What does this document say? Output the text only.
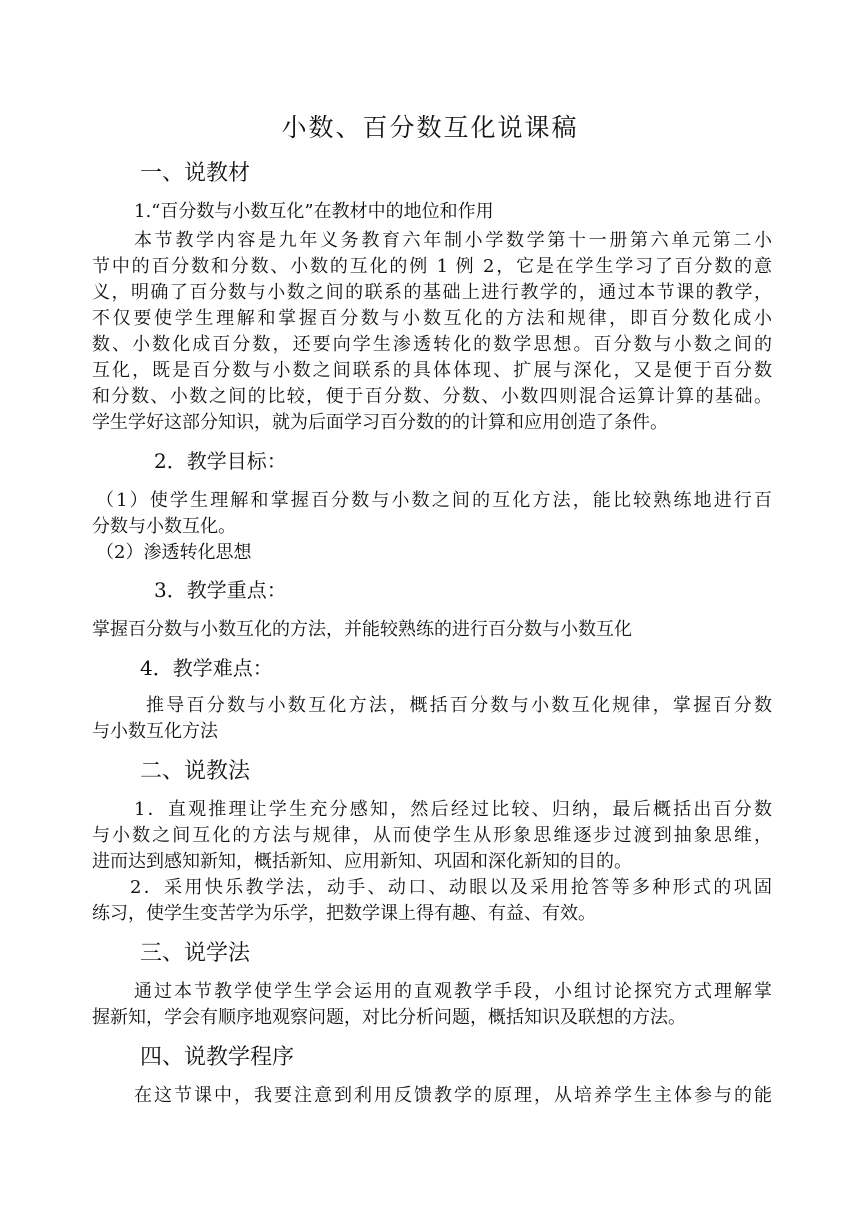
小数、百分数互化说课稿
一、说教材
1.“百分数与小数互化”在教材中的地位和作用
本节教学内容是九年义务教育六年制小学数学第十一册第六单元第二小
节中的百分数和分数、小数的互化的例 1 例 2，它是在学生学习了百分数的意
义，明确了百分数与小数之间的联系的基础上进行教学的，通过本节课的教学，
不仅要使学生理解和掌握百分数与小数互化的方法和规律，即百分数化成小
数、小数化成百分数，还要向学生渗透转化的数学思想。百分数与小数之间的
互化，既是百分数与小数之间联系的具体体现、扩展与深化，又是便于百分数
和分数、小数之间的比较，便于百分数、分数、小数四则混合运算计算的基础。
学生学好这部分知识，就为后面学习百分数的的计算和应用创造了条件。
2．教学目标：
（1）使学生理解和掌握百分数与小数之间的互化方法，能比较熟练地进行百
分数与小数互化。
（2）渗透转化思想
3．教学重点：
掌握百分数与小数互化的方法，并能较熟练的进行百分数与小数互化
4．教学难点：
推导百分数与小数互化方法，概括百分数与小数互化规律，掌握百分数
与小数互化方法
二、说教法
1．直观推理让学生充分感知，然后经过比较、归纳，最后概括出百分数
与小数之间互化的方法与规律，从而使学生从形象思维逐步过渡到抽象思维，
进而达到感知新知，概括新知、应用新知、巩固和深化新知的目的。
2．采用快乐教学法，动手、动口、动眼以及采用抢答等多种形式的巩固
练习，使学生变苦学为乐学，把数学课上得有趣、有益、有效。
三、说学法
通过本节教学使学生学会运用的直观教学手段，小组讨论探究方式理解掌
握新知，学会有顺序地观察问题，对比分析问题，概括知识及联想的方法。
四、说教学程序
在这节课中，我要注意到利用反馈教学的原理，从培养学生主体参与的能
